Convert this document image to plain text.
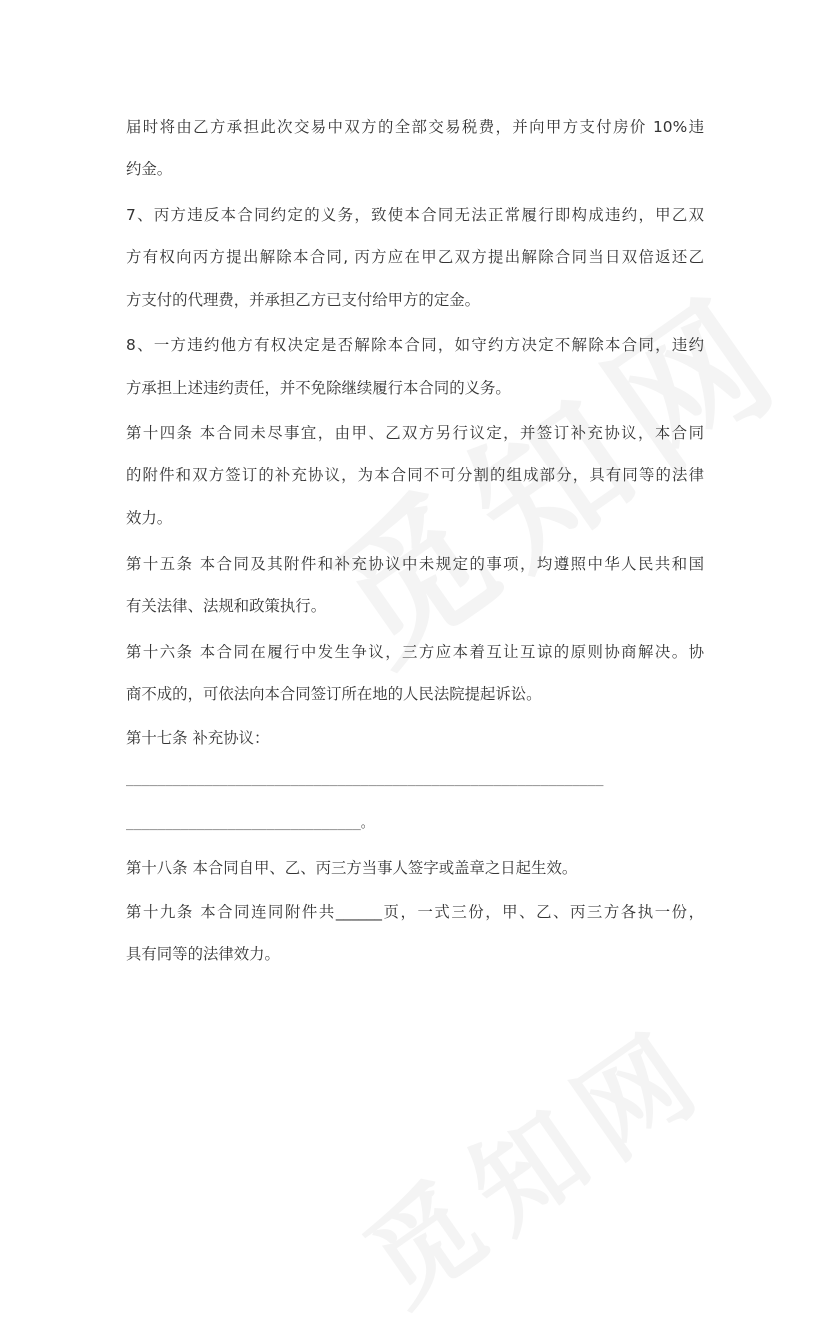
届时将由乙方承担此次交易中双方的全部交易税费，并向甲方支付房价 10%违
约金。
7、丙方违反本合同约定的义务，致使本合同无法正常履行即构成违约，甲乙双
方有权向丙方提出解除本合同, 丙方应在甲乙双方提出解除合同当日双倍返还乙
方支付的代理费，并承担乙方已支付给甲方的定金。
8、一方违约他方有权决定是否解除本合同，如守约方决定不解除本合同，违约
方承担上述违约责任，并不免除继续履行本合同的义务。
第十四条 本合同未尽事宜，由甲、乙双方另行议定，并签订补充协议，本合同
的附件和双方签订的补充协议，为本合同不可分割的组成部分，具有同等的法律
效力。
第十五条 本合同及其附件和补充协议中未规定的事项，均遵照中华人民共和国
有关法律、法规和政策执行。
第十六条 本合同在履行中发生争议，三方应本着互让互谅的原则协商解决。协
商不成的，可依法向本合同签订所在地的人民法院提起诉讼。
第十七条 补充协议：
_____________________________________________________________
______________________________。
第十八条 本合同自甲、乙、丙三方当事人签字或盖章之日起生效。
第十九条 本合同连同附件共______页，一式三份，甲、乙、丙三方各执一份，
具有同等的法律效力。
